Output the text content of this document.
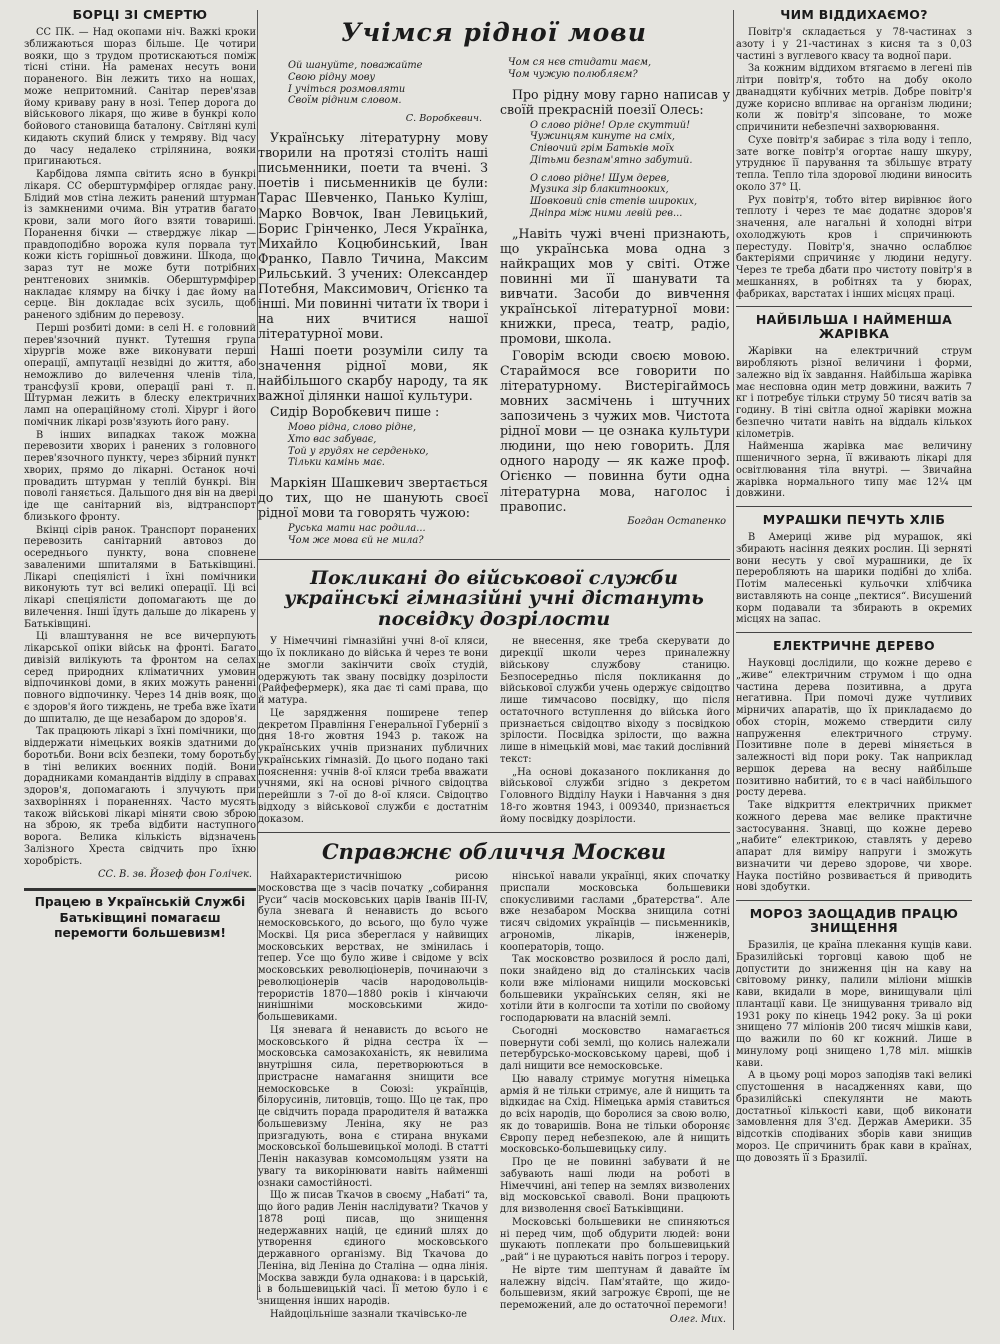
БОРЦІ ЗІ СМЕРТЮ

СС ПК. — Над окопами ніч. Важкі кроки зближаються шораз більше. Це чотири вояки, що з трудом протискаються поміж тісні стіни. На раменах несуть вони пораненого. Він лежить тихо на ношах, може непритомний. Санітар перев'язав йому криваву рану в нозі. Тепер дорога до військового лікаря, що живе в бункрі коло бойового становища баталону. Світляні кулі кидають скупий блиск у темряву. Від часу до часу недалеко стрілянина, вояки пригинаються.

Карбідова лямпа світить ясно в бункрі лікаря. СС оберштурмфірер оглядає рану. Блідий мов стіна лежить ранений штурман із замкненими очима. Він утратив багато крови, зали мого його взяти товариші. Поранення бічки — стверджує лікар — правдоподібно ворожа куля порвала тут кожи кість горішньої довжини. Шкода, що зараз тут не може бути потрібних рентгенових знимків. Оберштурмфірер накладає клямру на бічку і дає йому на серце. Він докладає всіх зусиль, щоб раненого здібним до перевозу.

Перші розбиті доми: в селі Н. є головний перев'язочний пункт. Тутешня група хірургів може вже виконувати перші операції, ампутації незвідні до життя, або неможливо до вилечення членів тіла, трансфузії крови, операції рані т. п. Штурман лежить в блеску електричних ламп на операційному столі. Хірург і його помічник лікарі розв'язують його рану.

В інших випадках також можна перевозити хворих і ранених з головного перев'язочного пункту, через збірний пункт хворих, прямо до лікарні. Останок ночі провадить штурман у теплій бункрі. Він поволі ганяється. Дальшого дня він на двері іде ще санітарний віз, відтранспорт близького фронту.

Вкінці сірів ранок. Транспорт поранених перевозить санітарний автовоз до осереднього пункту, вона сповнене заваленими шпиталями в Батьківщині. Лікарі спеціялісті і їхні помічники виконують тут всі великі операції. Ці всі лікарі спеціялісти допомагають ще до вилечення. Інші їдуть дальше до лікарень у Батьківщині.

Ці влаштування не все вичерпують лікарської опіки військ на фронті. Багато дивізій вилікують та фронтом на селах серед природних кліматичних умовин відпочинкові доми, в яких можуть раненні повного відпочинку. Через 14 днів вояк, що є здоров'я його тиждень, не треба вже їхати до шпиталю, де ще незабаром до здоров'я.

Так працюють лікарі з їхні помічники, що віддержати німецьких вояків здатними до боротьби. Вони всіх безпеки, тому боротьбу в тіні великих воєнних подій. Вони дорадниками командантів відділу в справах здоров'я, допомагають і злучують при захворіннях і пораненнях. Часто мусять також військові лікарі міняти свою зброю на зброю, як треба відбити наступного ворога. Велика кількість відзначень Залізного Хреста свідчить про їхню хоробрість.

СС. В. зв. Йозеф фон Голічек.
Працею в Українській Службі Батьківщині помагаєш перемогти большевизм!
Учімся рідної мови
Ой шануйте, поважайте
Свою рідну мову
І учіться розмовляти
Своїм рідним словом.
С. Воробкевич.

Українську літературну мову творили на протязі століть наші письменники, поети та вчені. З поетів і письменників це були: Тарас Шевченко, Панько Куліш, Марко Вовчок, Іван Левицький, Борис Грінченко, Леся Українка, Михайло Коцюбинський, Іван Франко, Павло Тичина, Максим Рильський. З учених: Олександер Потебня, Максимович, Огієнко та інші. Ми повинні читати їх твори і на них вчитися нашої літературної мови.

Наші поети розуміли силу та значення рідної мови, як найбільшого скарбу народу, та як важної ділянки нашої культури.

Сидір Воробкевич пише :

Мово рідна, слово рідне,
Хто вас забуває,
Той у грудях не серденько,
Тільки камінь має.

Маркіян Шашкевич звертається до тих, що не шанують своєї рідної мови та говорять чужою:

Руська мати нас родила...
Чом же мова єй не мила?
Чом ся нєв стидати маєм,
Чом чужую полюбляєм?

Про рідну мову гарно написав у своїй прекрасній поезії Олесь:

О слово рідне! Орле скуттий!
Чужинцям кинуте на сміх,
Співочий грім Батьків моїх
Дітьми безпам'ятно забутий.
О слово рідне! Шум дерев,
Музика зір блакитноокиx,
Шовковий спів степів широких,
Дніпра між ними левій рев...

„Навіть чужі вчені признають, що українська мова одна з найкращих мов у світі. Отже повинні ми її шанувати та вивчати. Засоби до вивчення української літературної мови: книжки, преса, театр, радіо, промови, школа.

Говорім всюди своєю мовою. Стараймося все говорити по літературному. Вистерігаймось мовних засмічень і штучних запозичень з чужих мов. Чистота рідної мови — це ознака культури людини, що нею говорить. Для одного народу — як каже проф. Огієнко — повинна бути одна літературна мова, наголос і правопис.

Богдан Остапенко
Покликані до військової служби українські гімназійні учні дістануть посвідку дозрілости

У Німеччині гімназійні учні 8-ої кляси, що їх покликано до війська й через те вони не змогли закінчити своїх студій, одержують так звану посвідку дозрілости (Райфефермерк), яка дає ті самі права, що й матура.

Це зарядження поширене тепер декретом Правління Генеральної Губернії з дня 18-го жовтня 1943 р. також на українських учнів признаних публичних українських гімназій. До цього подано такі пояснення: учнів 8-ої кляси треба вважати учнями, які на основі річного свідоцтва перейшли з 7-ої до 8-ої кляси. Свідоцтво відходу з військової служби є достатнім доказом.

не внесення, яке треба скерувати до дирекції школи через приналежну військову службову станицю. Безпосередньо після покликання до військової служби учень одержує свідоцтво лише тимчасово посвідку, що після остаточного вступлення до війська його признається свідоцтво віходу з посвідкою зрілости. Посвідка зрілости, що важна лише в німецькій мові, має такий дослівний текст:

„На основі доказаного покликання до військової служби згідно з декретом Головного Відділу Науки і Навчання з дня 18-го жовтня 1943, і 009340, признається йому посвідку дозрілости.

Справжнє обличчя Москви

Найхарактеристичнішою рисою московства ще з часів початку „собирання Руси“ часів московських царів Іванів III-IV, була зневага й ненависть до всього немосковського, до всього, що було чуже Москві. Ця риса збереглася у найвищих московських верствах, не змінилась і тепер. Усе що було живе і свідоме у всіх московських революціонерів, починаючи з революціонерів часів народовольців-терористів 1870—1880 років і кінчаючи нинішніми московськими жидо-большевиками.

Ця зневага й ненависть до всього не московського й рідна сестра їх — московська самозакоханість, як невилима внутрішня сила, перетворюються в пристрасне намагання знищити все немосковське в Союзі: українців, білорусинів, литовців, тощо. Що це так, про це свідчить порада прародителя й ватажка большевизму Леніна, яку не раз призгадують, вона є стирана внуками московської большевицької молоді. В статті Ленін наказував комсомольцям узяти на увагу та викорінювати навіть найменші ознаки самостійності.

Що ж писав Ткачов в своєму „Набаті“ та, що його радив Ленін наслідувати? Ткачов у 1878 році писав, що знищення недержавних націй, це єдиний шлях до утворення єдиного московського державного організму. Від Ткачова до Леніна, від Леніна до Сталіна — одна лінія. Москва завжди була однакова: і в царській, і в большевицькій часі. Її метою було і є знищення інших народів.

Найдоцільніше зазнали ткачівсько-ле

нінської навали українці, яких спочатку приспали московська большевики спокусливими гаслами „братерства“. Але вже незабаром Москва знищила сотні тисяч свідомих українців — письменників, агрономів, лікарів, інженерів, кооператорів, тощо.

Так московство розвилося й росло далі, поки знайдено від до сталінських часів коли вже міліонами нищили московські большевики українських селян, які не хотіли йти в колгоспи та хотіли по свойому господарювати на власній землі.

Сьогодні московство намагається повернути собі землі, що колись належали петербурсько-московському цареві, щоб і далі нищити все немосковське.

Цю навалу стримує могутня німецька армія й не тільки стримує, але й нищить та відкидає на Схід. Німецька армія ставиться до всіх народів, що боролися за свою волю, як до товаришів. Вона не тільки обороняє Європу перед небезпекою, але й нищить московсько-большевицьку силу.

Про це не повинні забувати й не забувають наші люди на роботі в Німеччині, ані тепер на землях визволених від московської сваволі. Вони працюють для визволення своєї Батьківщини.

Московські большевики не спиняються ні перед чим, щоб обдурити людей: вони шукають поплекати про большевицький „рай“ і не цураються навіть погроз і терору.

Не вірте тим шептунам й давайте їм належну відсіч. Пам'ятайте, що жидо-большевизм, який загрожує Європі, ще не переможений, але до остаточної перемоги!

Олег. Мих.
ЧИМ ВІДДИХАЄМО?

Повітр'я складається у 78-частинах з азоту і у 21-частинах з кисня та з 0,03 частині з вуглевого квасу та водної пари.

За кожним віддихом втягаємо в легені пів літри повітр'я, тобто на добу около дванадцяти кубічних метрів. Добре повітр'я дуже корисно впливає на організм людини; коли ж повітр'я зіпсоване, то може спричинити небезпечні захворювання.

Сухе повітр'я забирає з тіла воду і тепло, зате вогке повітр'я огортає нашу шкуру, утруднює її парування та збільшує втрату тепла. Тепло тіла здорової людини виносить около 37° Ц.

Рух повітр'я, тобто вітер вирівнює його теплоту і через те має додатнє здоров'я значення, але нагальні й холодні вітри охолоджують кров і спричинюють перестуду. Повітр'я, значно ослаблює бактеріями спричиняє у людини недугу. Через те треба дбати про чистоту повітр'я в мешканнях, в робітнях та у бюрах, фабриках, варстатах і інших місцях праці.

НАЙБІЛЬША І НАЙМЕНША ЖАРІВКА

Жарівки на електричний струм виробляють різної величини і форми, залежно від їх завдання. Найбільша жарівка має несповна один метр довжини, важить 7 кг і потребує тільки струму 50 тисяч ватів за годину. В тіні світла одної жарівки можна безпечно читати навіть на віддаль кількох кілометрів.

Найменша жарівка має величину пшеничного зерна, її вживають лікарі для освітлювання тіла внутрі. — Звичайна жарівка нормального типу має 12⅟₄ цм довжини.

МУРАШКИ ПЕЧУТЬ ХЛІБ

В Америці живе рід мурашок, які збирають насіння деяких рослин. Ці зерняті вони несуть у свої мурашники, де їх переробляють на шарики подібні до хліба. Потім малесенькі кульочки хлібчика виставляють на сонце „пектися“. Висушений корм подавали та збирають в окремих місцях на запас.

ЕЛЕКТРИЧНЕ ДЕРЕВО

Науковці дослідили, що кожне дерево є „живе“ електричним струмом і що одна частина дерева позитивна, а друга негативна. При помочі дуже чутливих мірничих апаратів, що їх прикладаємо до обох сторін, можемо ствердити силу напруження електричного струму. Позитивне поле в дереві міняється в залежності від пори року. Так наприклад вершок дерева на весну найбільше позитивно набитий, то є в часі найбільшого росту дерева.

Таке відкриття електричних прикмет кожного дерева має велике практичне застосування. Знавці, що кожне дерево „набите“ електрикою, ставлять у дерево апарат для виміру напруги і зможуть визначити чи дерево здорове, чи хворе. Наука постійно розвивається й приводить нові здобутки.

МОРОЗ ЗАОЩАДИВ ПРАЦЮ ЗНИЩЕННЯ

Бразилія, це країна плекання кущів кави. Бразилійські торговці кавою щоб не допустити до зниження цін на каву на світовому ринку, палили міліони мішків кави, вкидали в море, винищували цілі плантації кави. Це знищування тривало від 1931 року по кінець 1942 року. За ці роки знищено 77 міліонів 200 тисяч мішків кави, що важили по 60 кг кожний. Лише в минулому році знищено 1,78 міл. мішків кави.

А в цьому році мороз заподіяв такі великі спустошення в насадженнях кави, що бразилійські спекулянти не мають достатньої кількості кави, щоб виконати замовлення для З'єд. Держав Америки. 35 відсотків сподіваних зборів кави знищив мороз. Це спричинить брак кави в країнах, що довозять її з Бразилії.
